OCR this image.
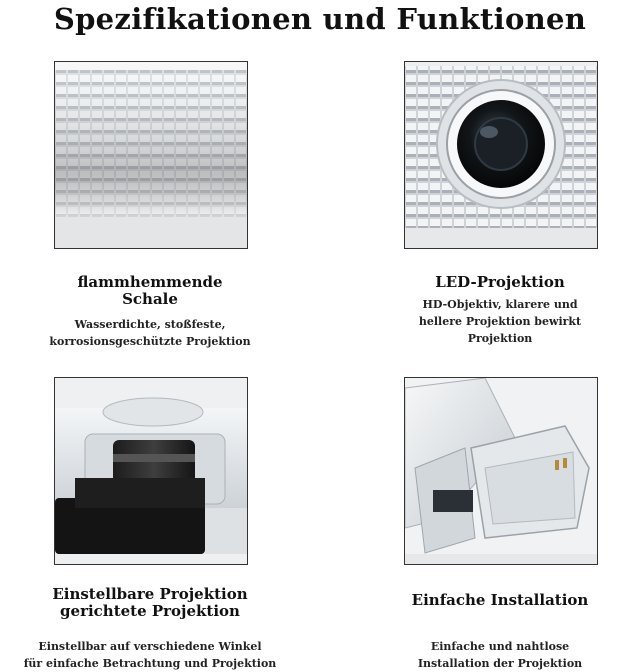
Spezifikationen und Funktionen
flammhemmende
Schale
Wasserdichte, stoßfeste,
korrosionsgeschützte Projektion
LED-Projektion
HD-Objektiv, klarere und
hellere Projektion bewirkt
Projektion
Einstellbare Projektion
gerichtete Projektion
Einstellbar auf verschiedene Winkel
für einfache Betrachtung und Projektion
Einfache Installation
Einfache und nahtlose
Installation der Projektion
